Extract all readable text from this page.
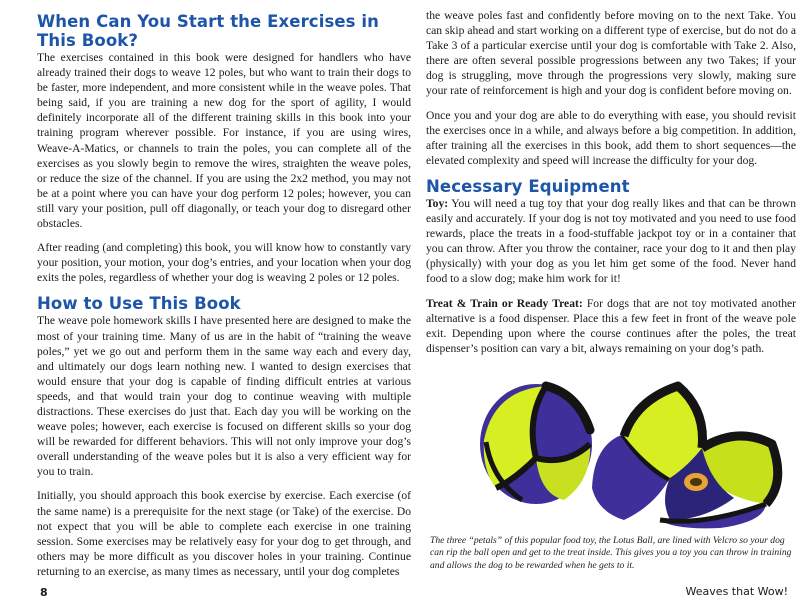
When Can You Start the Exercises in This Book?

The exercises contained in this book were designed for handlers who have already trained their dogs to weave 12 poles, but who want to train their dogs to be faster, more independent, and more consistent while in the weave poles. That being said, if you are training a new dog for the sport of agility, I would definitely incorporate all of the different training skills in this book into your training program wherever possible. For instance, if you are using wires, Weave-A-Matics, or channels to train the poles, you can complete all of the exercises as you slowly begin to remove the wires, straighten the weave poles, or reduce the size of the channel. If you are using the 2x2 method, you may not be at a point where you can have your dog perform 12 poles; however, you can still vary your position, pull off diagonally, or teach your dog to disregard other obstacles.

After reading (and completing) this book, you will know how to constantly vary your position, your motion, your dog’s entries, and your location when your dog exits the poles, regardless of whether your dog is weaving 2 poles or 12 poles.

How to Use This Book

The weave pole homework skills I have presented here are designed to make the most of your training time. Many of us are in the habit of “training the weave poles,” yet we go out and perform them in the same way each and every day, and ultimately our dogs learn nothing new. I wanted to design exercises that would ensure that your dog is capable of finding difficult entries at various speeds, and that would train your dog to continue weaving with multiple distractions. These exercises do just that. Each day you will be working on the weave poles; however, each exercise is focused on different skills so your dog will be rewarded for different behaviors. This will not only improve your dog’s overall understanding of the weave poles but it is also a very efficient way for you to train.

Initially, you should approach this book exercise by exercise. Each exercise (of the same name) is a prerequisite for the next stage (or Take) of the exercise. Do not expect that you will be able to complete each exercise in one training session. Some exercises may be relatively easy for your dog to get through, and others may be more difficult as you discover holes in your training. Continue returning to an exercise, as many times as necessary, until your dog completes

the weave poles fast and confidently before moving on to the next Take. You can skip ahead and start working on a different type of exercise, but do not do a Take 3 of a particular exercise until your dog is comfortable with Take 2. Also, there are often several possible progressions between any two Takes; if your dog is struggling, move through the progressions very slowly, making sure your rate of reinforcement is high and your dog is confident before moving on.

Once you and your dog are able to do everything with ease, you should revisit the exercises once in a while, and always before a big competition. In addition, after training all the exercises in this book, add them to short sequences—the elevated complexity and speed will increase the difficulty for your dog.

Necessary Equipment

Toy: You will need a tug toy that your dog really likes and that can be thrown easily and accurately. If your dog is not toy motivated and you need to use food rewards, place the treats in a food-stuffable jackpot toy or in a container that you can throw. After you throw the container, race your dog to it and then play (physically) with your dog as you let him get some of the food. Never hand food to a slow dog; make him work for it!

Treat & Train or Ready Treat: For dogs that are not toy motivated another alternative is a food dispenser. Place this a few feet in front of the weave pole exit. Depending upon where the course continues after the poles, the treat dispenser’s position can vary a bit, always remaining on your dog’s path.

The three “petals” of this popular food toy, the Lotus Ball, are lined with Velcro so your dog can rip the ball open and get to the treat inside. This gives you a toy you can throw in training and allows the dog to be rewarded when he gets to it.
8	Weaves that Wow!
